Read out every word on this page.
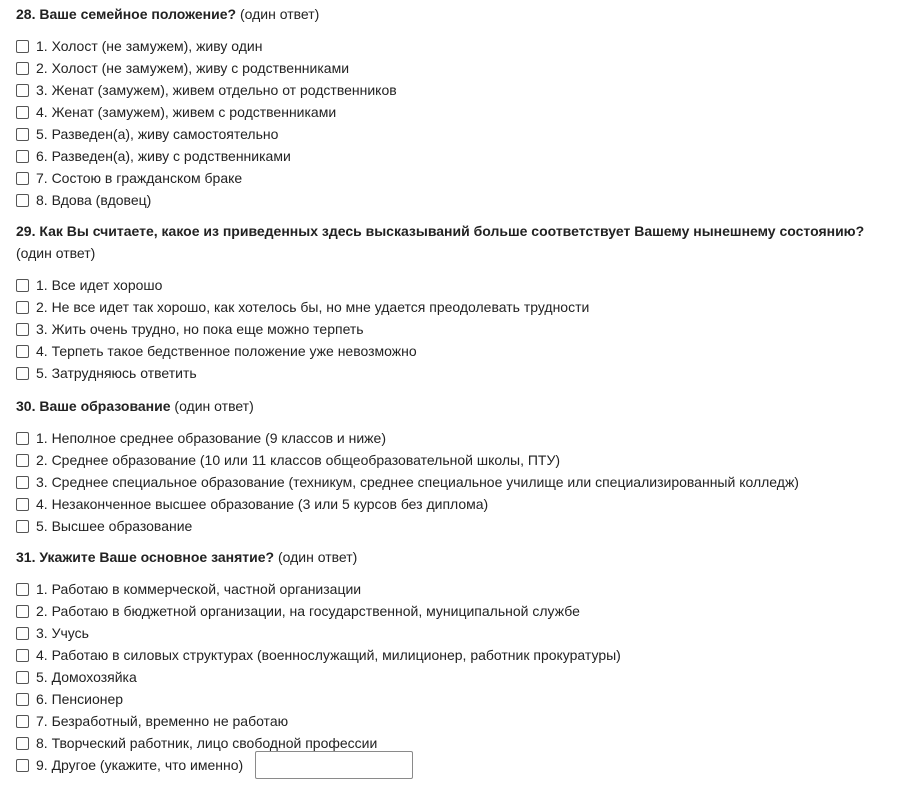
28. Ваше семейное положение? (один ответ)

1. Холост (не замужем), живу один
2. Холост (не замужем), живу с родственниками
3. Женат (замужем), живем отдельно от родственников
4. Женат (замужем), живем с родственниками
5. Разведен(а), живу самостоятельно
6. Разведен(а), живу с родственниками
7. Состою в гражданском браке
8. Вдова (вдовец)

29. Как Вы считаете, какое из приведенных здесь высказываний больше соответствует Вашему нынешнему состоянию? (один ответ)

1. Все идет хорошо
2. Не все идет так хорошо, как хотелось бы, но мне удается преодолевать трудности
3. Жить очень трудно, но пока еще можно терпеть
4. Терпеть такое бедственное положение уже невозможно
5. Затрудняюсь ответить

30. Ваше образование (один ответ)

1. Неполное среднее образование (9 классов и ниже)
2. Среднее образование (10 или 11 классов общеобразовательной школы, ПТУ)
3. Среднее специальное образование (техникум, среднее специальное училище или специализированный колледж)
4. Незаконченное высшее образование (3 или 5 курсов без диплома)
5. Высшее образование

31. Укажите Ваше основное занятие? (один ответ)

1. Работаю в коммерческой, частной организации
2. Работаю в бюджетной организации, на государственной, муниципальной службе
3. Учусь
4. Работаю в силовых структурах (военнослужащий, милиционер, работник прокуратуры)
5. Домохозяйка
6. Пенсионер
7. Безработный, временно не работаю
8. Творческий работник, лицо свободной профессии
9. Другое (укажите, что именно)
